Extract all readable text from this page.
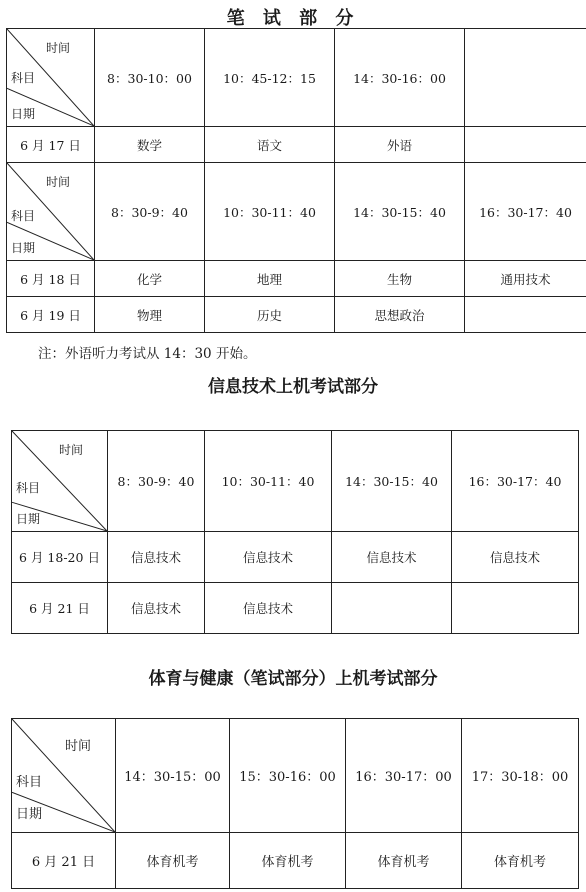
笔 试 部 分
时间
科目
日期	8：30-10：00	10：45-12：15	14：30-16：00	
6 月 17 日	数学	语文	外语	

时间
科目
日期	8：30-9：40	10：30-11：40	14：30-15：40	16：30-17：40
6 月 18 日	化学	地理	生物	通用技术
6 月 19 日	物理	历史	思想政治	
注：外语听力考试从 14：30 开始。
信息技术上机考试部分
时间
科目
日期	8：30-9：40	10：30-11：40	14：30-15：40	16：30-17：40
6 月 18-20 日	信息技术	信息技术	信息技术	信息技术
6 月 21 日	信息技术	信息技术		
体育与健康（笔试部分）上机考试部分
时间
科目
日期	14：30-15：00	15：30-16：00	16：30-17：00	17：30-18：00
6 月 21 日	体育机考	体育机考	体育机考	体育机考
